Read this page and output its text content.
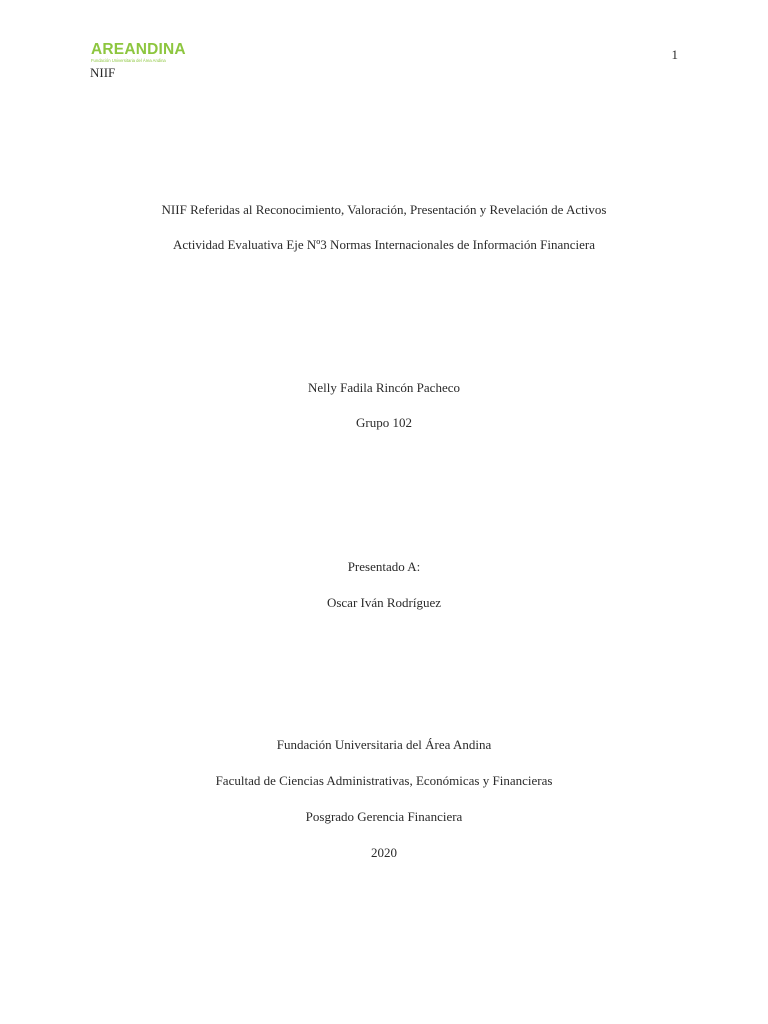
AREANDINA
Fundación Universitaria del Área Andina
NIIF
1
NIIF Referidas al Reconocimiento, Valoración, Presentación y Revelación de Activos
Actividad Evaluativa Eje Nº3 Normas Internacionales de Información Financiera
Nelly Fadila Rincón Pacheco
Grupo 102
Presentado A:
Oscar Iván Rodríguez
Fundación Universitaria del Área Andina
Facultad de Ciencias Administrativas, Económicas y Financieras
Posgrado Gerencia Financiera
2020
